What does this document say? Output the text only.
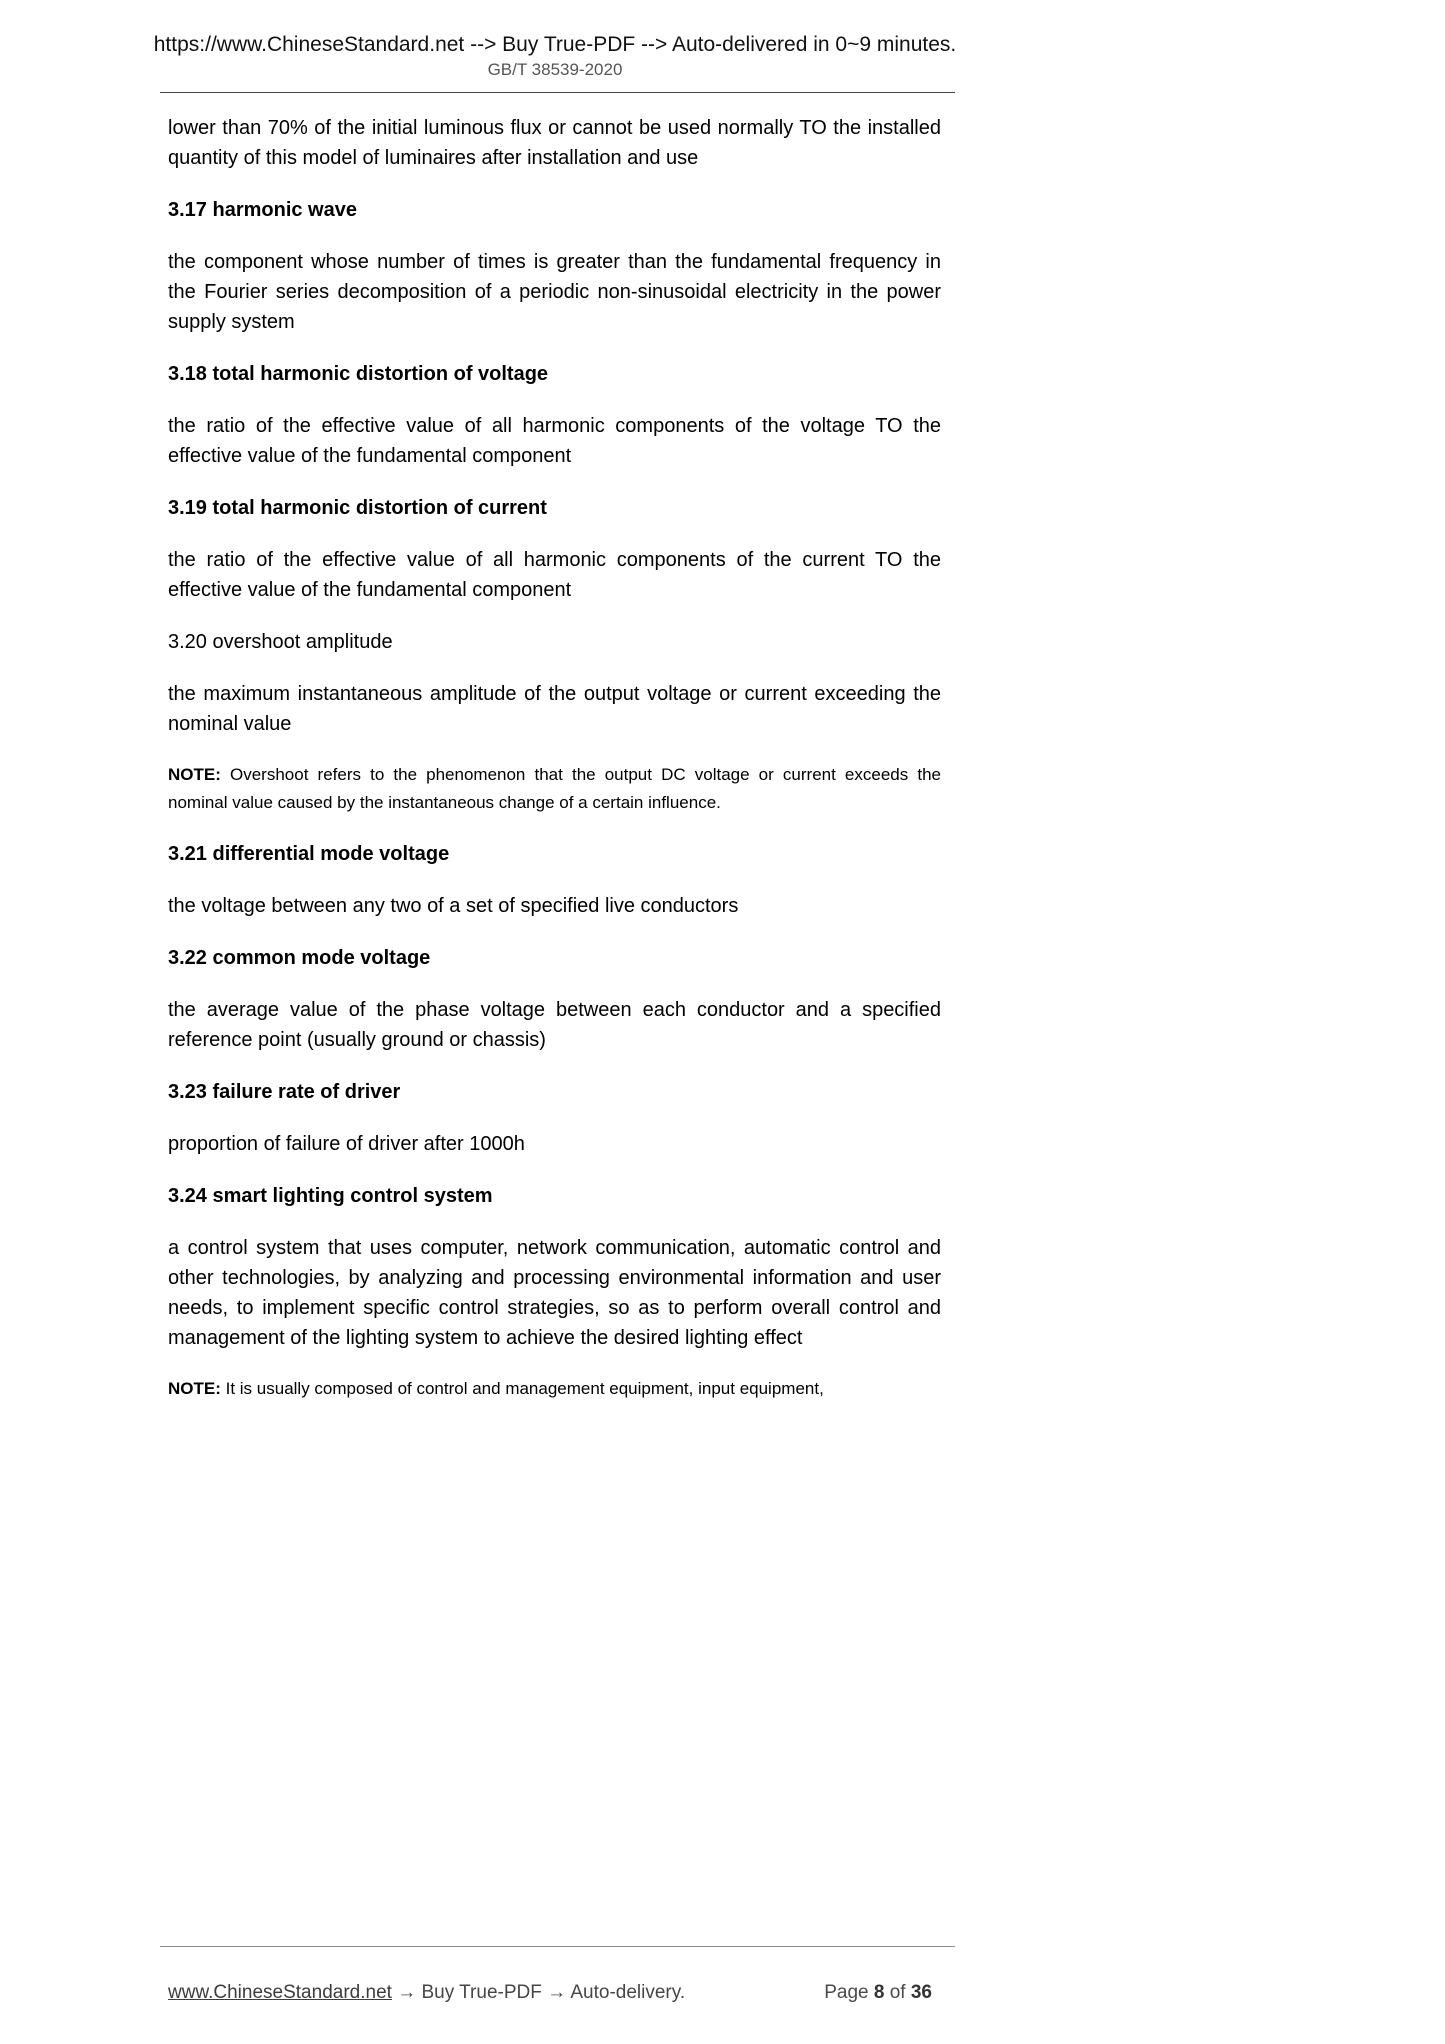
https://www.ChineseStandard.net --> Buy True-PDF --> Auto-delivered in 0~9 minutes.
GB/T 38539-2020

lower than 70% of the initial luminous flux or cannot be used normally TO the installed quantity of this model of luminaires after installation and use

3.17 harmonic wave

the component whose number of times is greater than the fundamental frequency in the Fourier series decomposition of a periodic non-sinusoidal electricity in the power supply system

3.18 total harmonic distortion of voltage

the ratio of the effective value of all harmonic components of the voltage TO the effective value of the fundamental component

3.19 total harmonic distortion of current

the ratio of the effective value of all harmonic components of the current TO the effective value of the fundamental component

3.20 overshoot amplitude

the maximum instantaneous amplitude of the output voltage or current exceeding the nominal value

NOTE: Overshoot refers to the phenomenon that the output DC voltage or current exceeds the nominal value caused by the instantaneous change of a certain influence.

3.21 differential mode voltage

the voltage between any two of a set of specified live conductors

3.22 common mode voltage

the average value of the phase voltage between each conductor and a specified reference point (usually ground or chassis)

3.23 failure rate of driver

proportion of failure of driver after 1000h

3.24 smart lighting control system

a control system that uses computer, network communication, automatic control and other technologies, by analyzing and processing environmental information and user needs, to implement specific control strategies, so as to perform overall control and management of the lighting system to achieve the desired lighting effect

NOTE: It is usually composed of control and management equipment, input equipment,

www.ChineseStandard.net → Buy True-PDF → Auto-delivery.	Page 8 of 36
